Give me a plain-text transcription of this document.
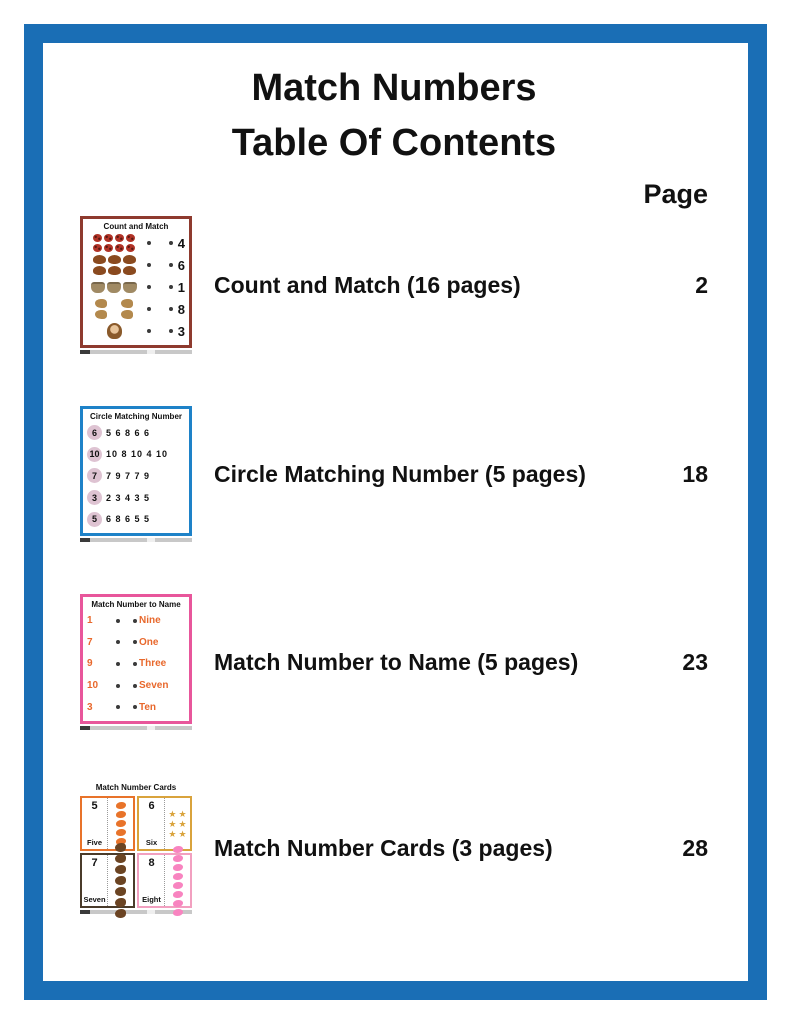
Match Numbers
Table Of Contents
Page
Count and Match
4
6
1
8
3
Count and Match (16 pages)	2
Circle Matching Number
6	5 6 8 6 6
10 10 8 10 4 10
7	7 9 7 7 9
3	2 3 4 3 5
5	6 8 6 5 5
Circle Matching Number (5 pages)	18
Match Number to Name
1	Nine
7	One
9	Three
10	Seven
3	Ten
Match Number to Name (5 pages)	23
Match Number Cards
5
Five
6
Six
★ ★
★ ★
★ ★
7
Seven
8
Eight
Match Number Cards (3 pages)	28
